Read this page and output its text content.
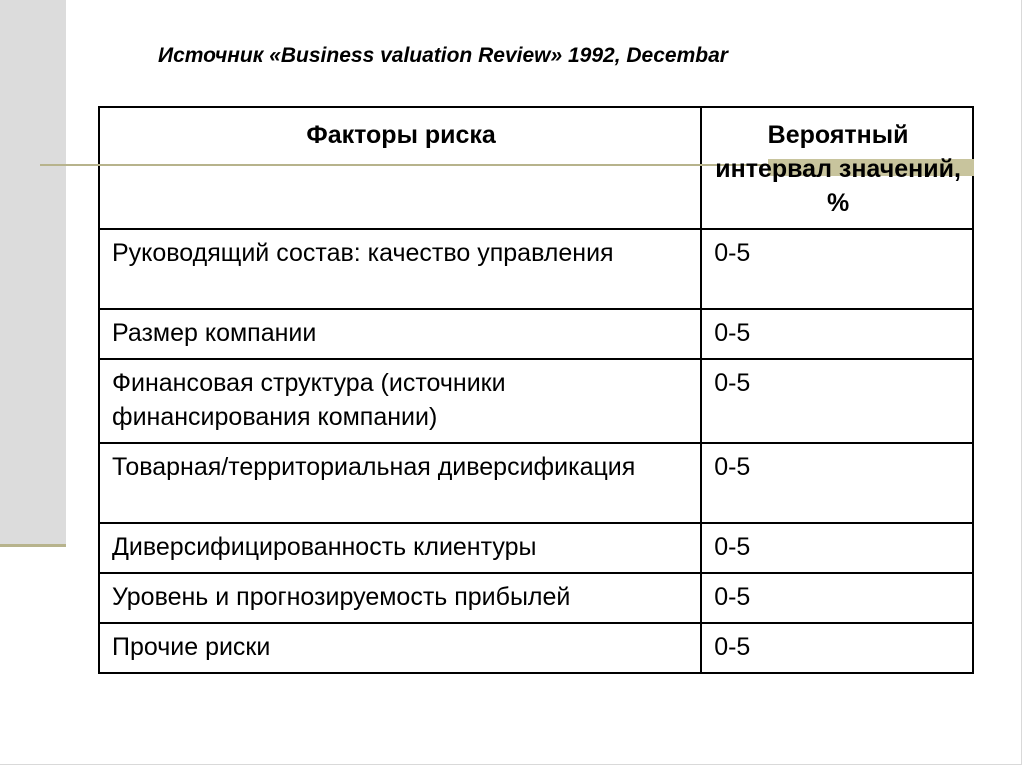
Источник «Business valuation Review» 1992, Decembar
Факторы риска	Вероятный интервал значений, %
Руководящий состав: качество управления	0-5
Размер компании	0-5
Финансовая структура (источники финансирования компании)	0-5
Товарная/территориальная диверсификация	0-5
Диверсифицированность клиентуры	0-5
Уровень и прогнозируемость прибылей	0-5
Прочие риски	0-5
